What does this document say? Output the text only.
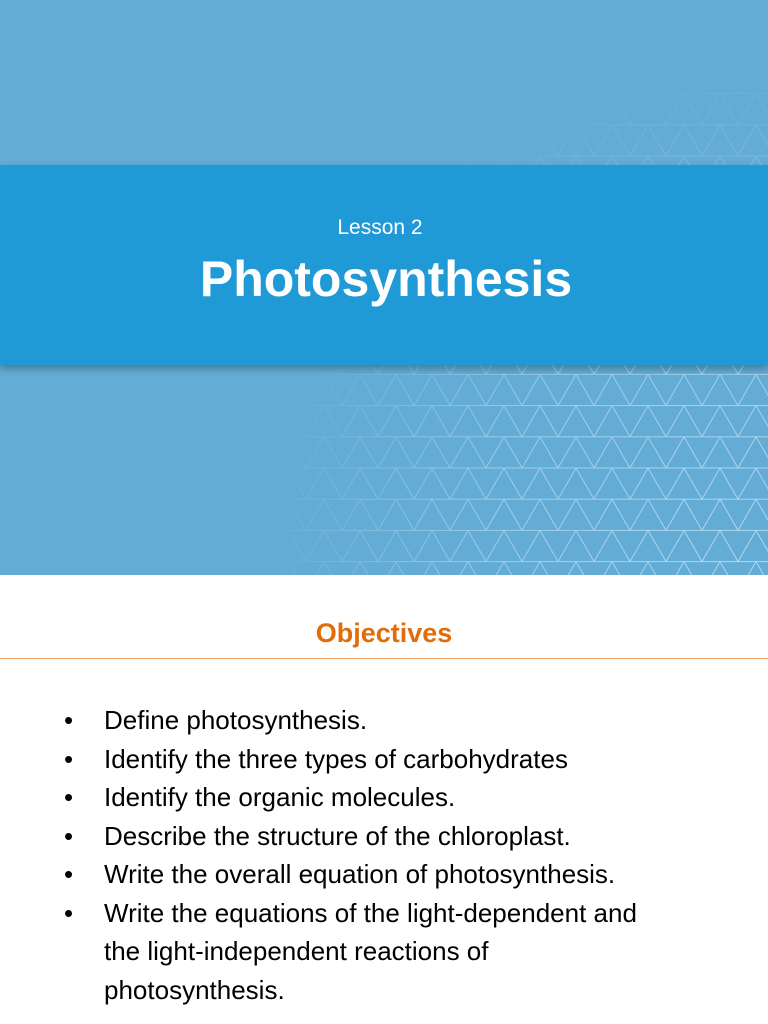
Lesson 2
Photosynthesis
Objectives
• Define photosynthesis.
• Identify the three types of carbohydrates
• Identify the organic molecules.
• Describe the structure of the chloroplast.
• Write the overall equation of photosynthesis.
• Write the equations of the light-dependent and the light-independent reactions of photosynthesis.
